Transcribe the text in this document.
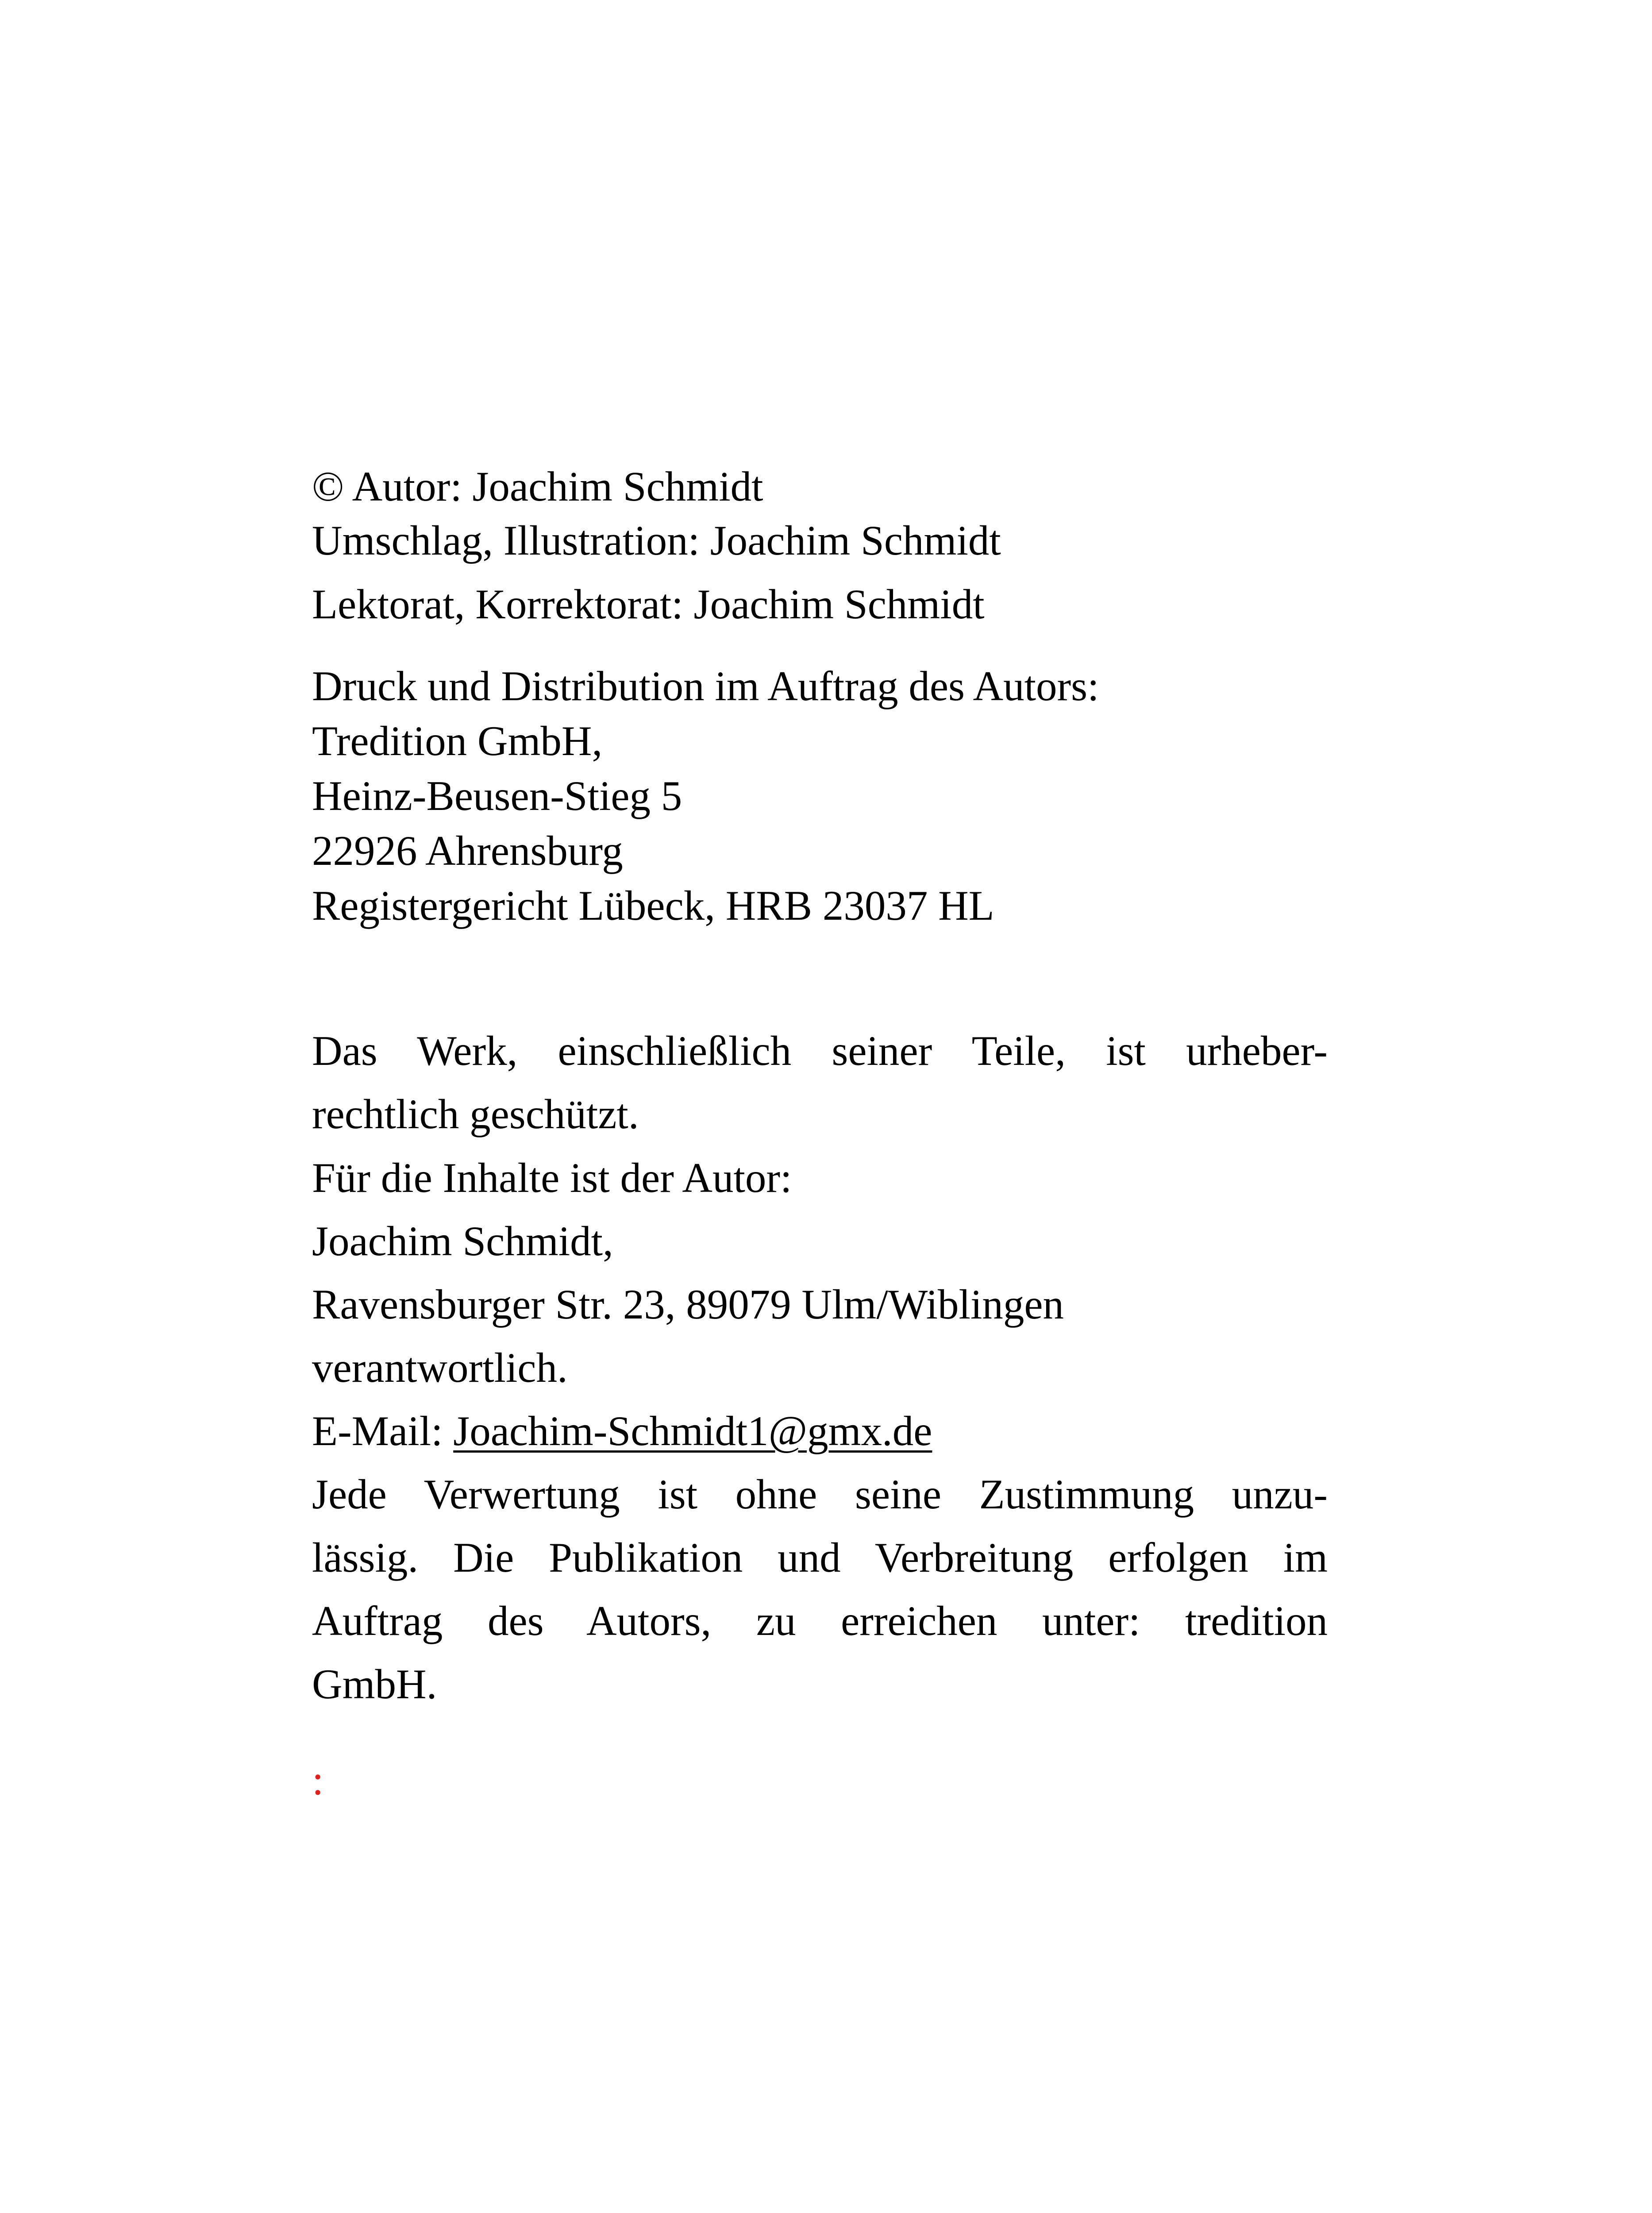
© Autor: Joachim Schmidt
Umschlag, Illustration: Joachim Schmidt
Lektorat, Korrektorat: Joachim Schmidt
Druck und Distribution im Auftrag des Autors:
Tredition GmbH,
Heinz-Beusen-Stieg 5
22926 Ahrensburg
Registergericht Lübeck, HRB 23037 HL
Das Werk, einschließlich seiner Teile, ist urheber-
rechtlich geschützt.
Für die Inhalte ist der Autor:
Joachim Schmidt,
Ravensburger Str. 23, 89079 Ulm/Wiblingen
verantwortlich.
E-Mail: Joachim-Schmidt1@gmx.de
Jede Verwertung ist ohne seine Zustimmung unzu-
lässig. Die Publikation und Verbreitung erfolgen im
Auftrag des Autors, zu erreichen unter: tredition
GmbH.
:
